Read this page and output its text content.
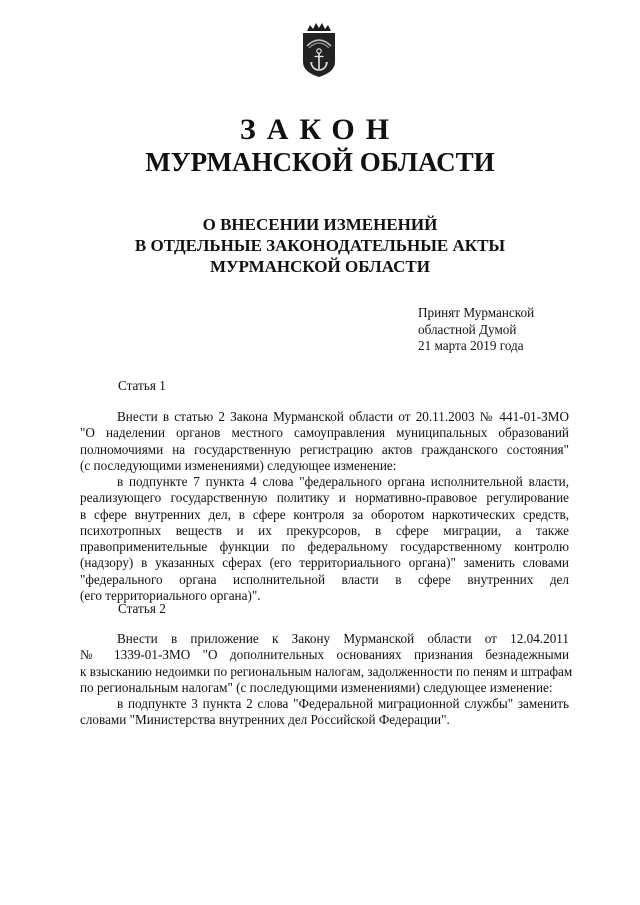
ЗАКОН
МУРМАНСКОЙ ОБЛАСТИ
О ВНЕСЕНИИ ИЗМЕНЕНИЙ
В ОТДЕЛЬНЫЕ ЗАКОНОДАТЕЛЬНЫЕ АКТЫ
МУРМАНСКОЙ ОБЛАСТИ
Принят Мурманской
областной Думой
21 марта 2019 года
Статья 1
Внести в статью 2 Закона Мурманской области от 20.11.2003 № 441-01-ЗМО
"О наделении органов местного самоуправления муниципальных образований
полномочиями на государственную регистрацию актов гражданского состояния"
(с последующими изменениями) следующее изменение:
в подпункте 7 пункта 4 слова "федерального органа исполнительной власти,
реализующего государственную политику и нормативно-правовое регулирование
в сфере внутренних дел, в сфере контроля за оборотом наркотических средств,
психотропных веществ и их прекурсоров, в сфере миграции, а также
правоприменительные функции по федеральному государственному контролю
(надзору) в указанных сферах (его территориального органа)" заменить словами
"федерального органа исполнительной власти в сфере внутренних дел
(его территориального органа)".
Статья 2
Внести в приложение к Закону Мурманской области от 12.04.2011
№ 1339-01-ЗМО "О дополнительных основаниях признания безнадежными
к взысканию недоимки по региональным налогам, задолженности по пеням и штрафам
по региональным налогам" (с последующими изменениями) следующее изменение:
в подпункте 3 пункта 2 слова "Федеральной миграционной службы" заменить
словами "Министерства внутренних дел Российской Федерации".
